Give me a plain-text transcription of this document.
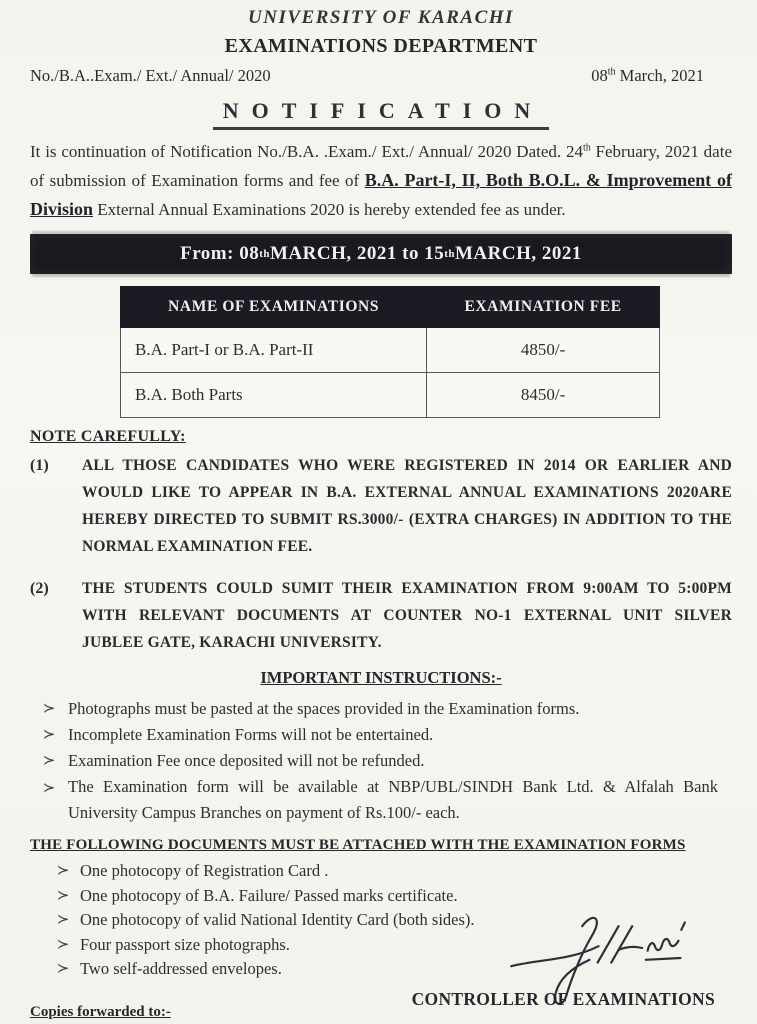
UNIVERSITY OF KARACHI
EXAMINATIONS DEPARTMENT
No./B.A..Exam./ Ext./ Annual/ 2020	08th March, 2021
NOTIFICATION

It is continuation of Notification No./B.A. .Exam./ Ext./ Annual/ 2020 Dated. 24th February, 2021 date of submission of Examination forms and fee of B.A. Part-I, II, Both B.O.L. & Improvement of Division External Annual Examinations 2020 is hereby extended fee as under.

From: 08 th MARCH, 2021 to 15 th MARCH, 2021
NAME OF EXAMINATIONS	EXAMINATION FEE
B.A. Part-I or B.A. Part-II	4850/-
B.A. Both Parts	8450/-
NOTE CAREFULLY:
(1)	ALL THOSE CANDIDATES WHO WERE REGISTERED IN 2014 OR EARLIER AND WOULD LIKE TO APPEAR IN B.A. EXTERNAL ANNUAL EXAMINATIONS 2020ARE HEREBY DIRECTED TO SUBMIT RS.3000/- (EXTRA CHARGES) IN ADDITION TO THE NORMAL EXAMINATION FEE.
(2)	THE STUDENTS COULD SUMIT THEIR EXAMINATION FROM 9:00AM TO 5:00PM WITH RELEVANT DOCUMENTS AT COUNTER NO-1 EXTERNAL UNIT SILVER JUBLEE GATE, KARACHI UNIVERSITY.
IMPORTANT INSTRUCTIONS:-
≻ Photographs must be pasted at the spaces provided in the Examination forms.
≻ Incomplete Examination Forms will not be entertained.
≻ Examination Fee once deposited will not be refunded.
≻ The Examination form will be available at NBP/UBL/SINDH Bank Ltd. & Alfalah Bank University Campus Branches on payment of Rs.100/- each.
THE FOLLOWING DOCUMENTS MUST BE ATTACHED WITH THE EXAMINATION FORMS
≻ One photocopy of Registration Card .
≻ One photocopy of B.A. Failure/ Passed marks certificate.
≻ One photocopy of valid National Identity Card (both sides).
≻ Four passport size photographs.
≻ Two self-addressed envelopes.
CONTROLLER OF EXAMINATIONS
Copies forwarded to:-
